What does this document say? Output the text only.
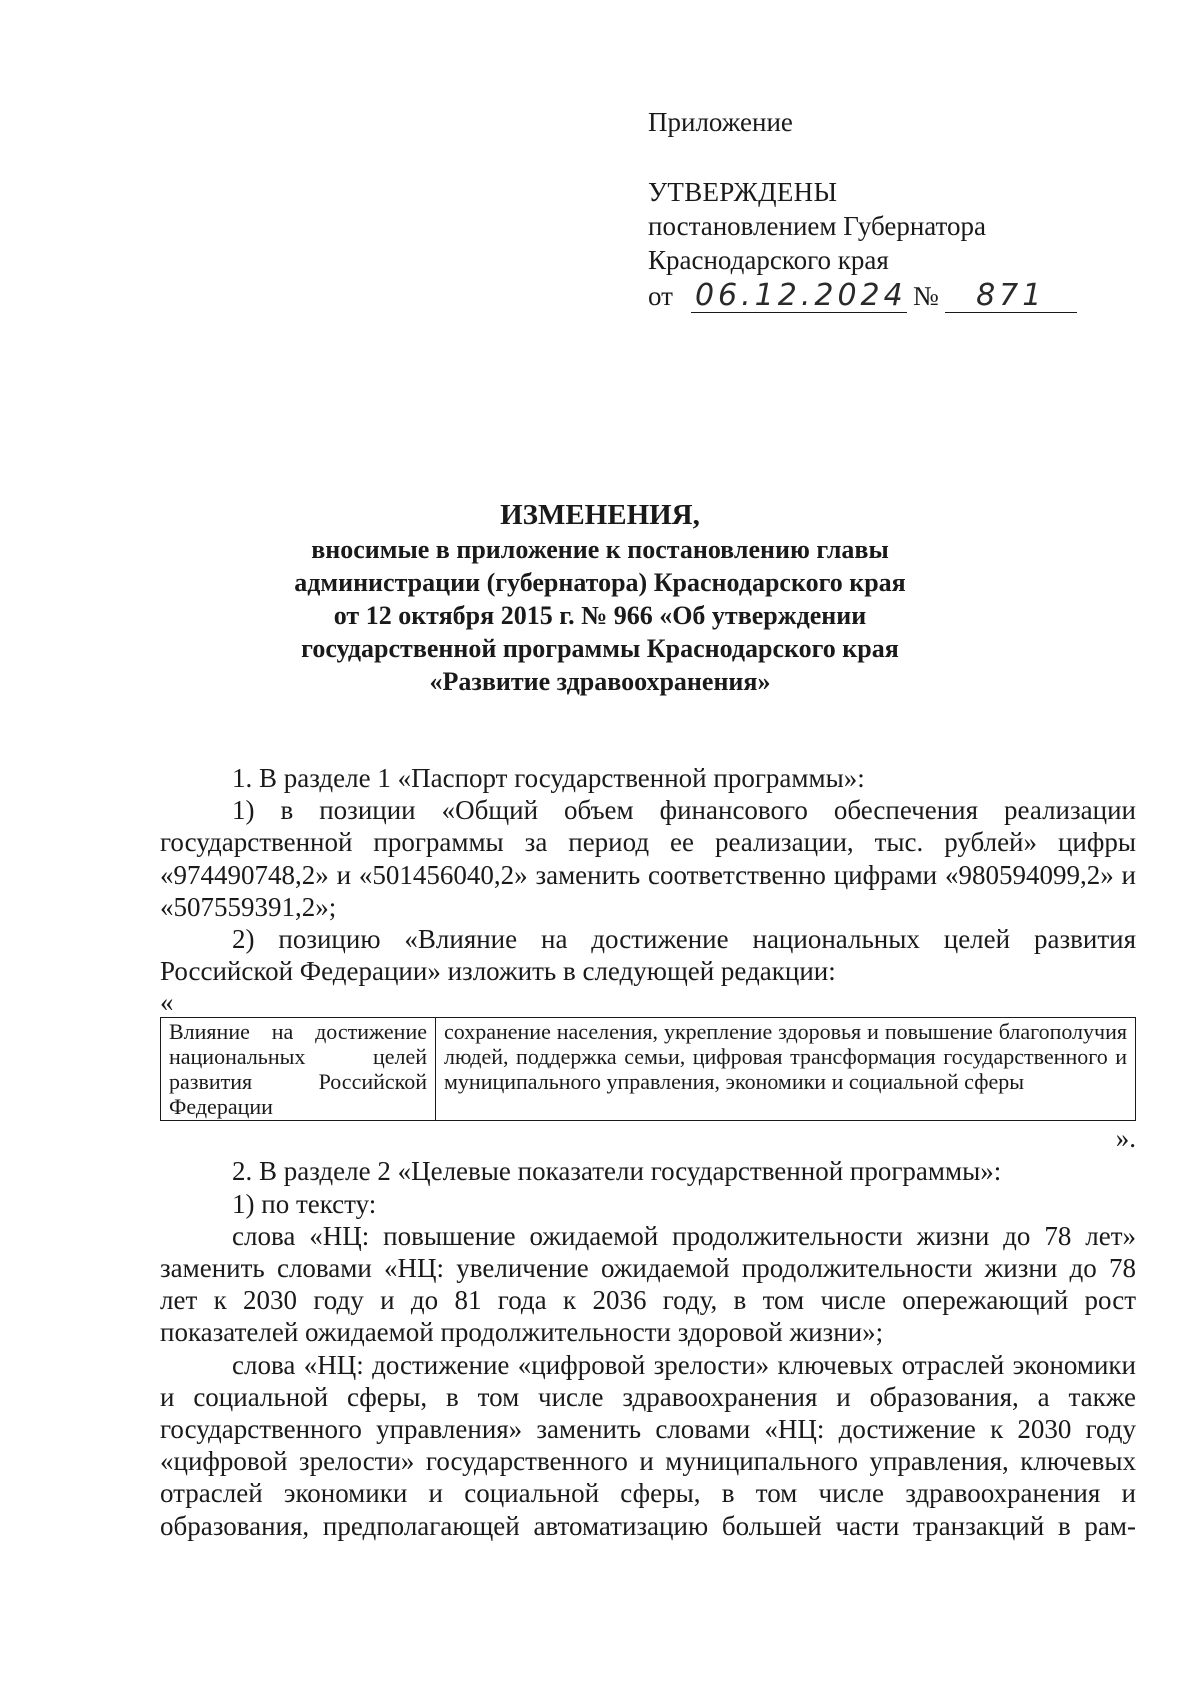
Приложение
УТВЕРЖДЕНЫ
постановлением Губернатора
Краснодарского края
от 06.12.2024 №	871
ИЗМЕНЕНИЯ,
вносимые в приложение к постановлению главы
администрации (губернатора) Краснодарского края
от 12 октября 2015 г. № 966 «Об утверждении
государственной программы Краснодарского края
«Развитие здравоохранения»

1. В разделе 1 «Паспорт государственной программы»:

1) в позиции «Общий объем финансового обеспечения реализации государственной программы за период ее реализации, тыс. рублей» цифры «974490748,2» и «501456040,2» заменить соответственно цифрами «980594099,2» и «507559391,2»;

2) позицию «Влияние на достижение национальных целей развития Российской Федерации» изложить в следующей редакции:

«
Влияние на достижение национальных целей развития Российской Федерации	сохранение населения, укрепление здоровья и повышение благополучия людей, поддержка семьи, цифровая трансформация государственного и муниципального управления, экономики и социальной сферы
».

2. В разделе 2 «Целевые показатели государственной программы»:

1) по тексту:

слова «НЦ: повышение ожидаемой продолжительности жизни до 78 лет» заменить словами «НЦ: увеличение ожидаемой продолжительности жизни до 78 лет к 2030 году и до 81 года к 2036 году, в том числе опережающий рост показателей ожидаемой продолжительности здоровой жизни»;

слова «НЦ: достижение «цифровой зрелости» ключевых отраслей экономики и социальной сферы, в том числе здравоохранения и образования, а также государственного управления» заменить словами «НЦ: достижение к 2030 году «цифровой зрелости» государственного и муниципального управления, ключевых отраслей экономики и социальной сферы, в том числе здравоохранения и образования, предполагающей автоматизацию большей части транзакций в рам-
